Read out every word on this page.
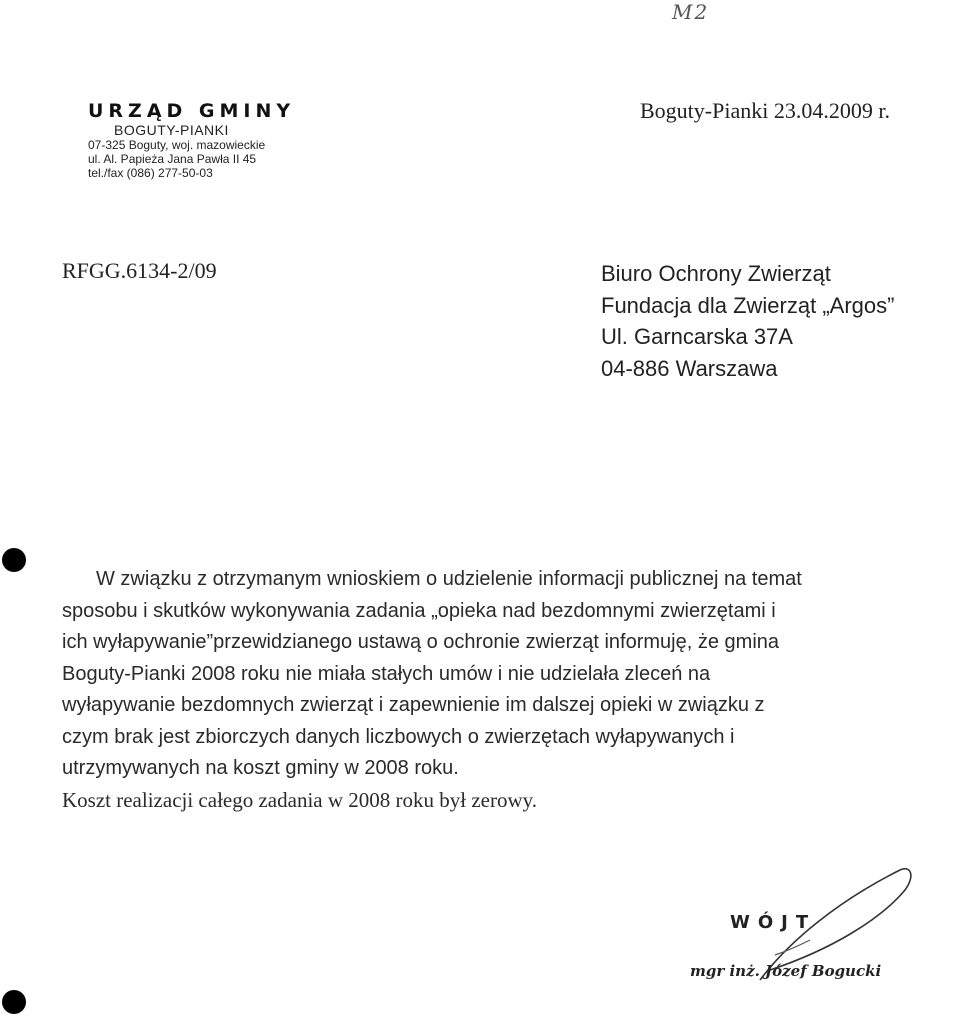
M2
URZĄD GMINY
BOGUTY-PIANKI
07-325 Boguty, woj. mazowieckie
ul. Al. Papieża Jana Pawła II 45
tel./fax (086) 277-50-03
Boguty-Pianki 23.04.2009 r.
RFGG.6134-2/09	Biuro Ochrony Zwierząt
Fundacja dla Zwierząt „Argos”
Ul. Garncarska 37A
04-886 Warszawa
W związku z otrzymanym wnioskiem o udzielenie informacji publicznej na temat
sposobu i skutków wykonywania zadania „opieka nad bezdomnymi zwierzętami i
ich wyłapywanie”przewidzianego ustawą o ochronie zwierząt informuję, że gmina
Boguty-Pianki 2008 roku nie miała stałych umów i nie udzielała zleceń na
wyłapywanie bezdomnych zwierząt i zapewnienie im dalszej opieki w związku z
czym brak jest zbiorczych danych liczbowych o zwierzętach wyłapywanych i
utrzymywanych na koszt gminy w 2008 roku.
Koszt realizacji całego zadania w 2008 roku był zerowy.
WÓJT
mgr inż. Józef Bogucki
